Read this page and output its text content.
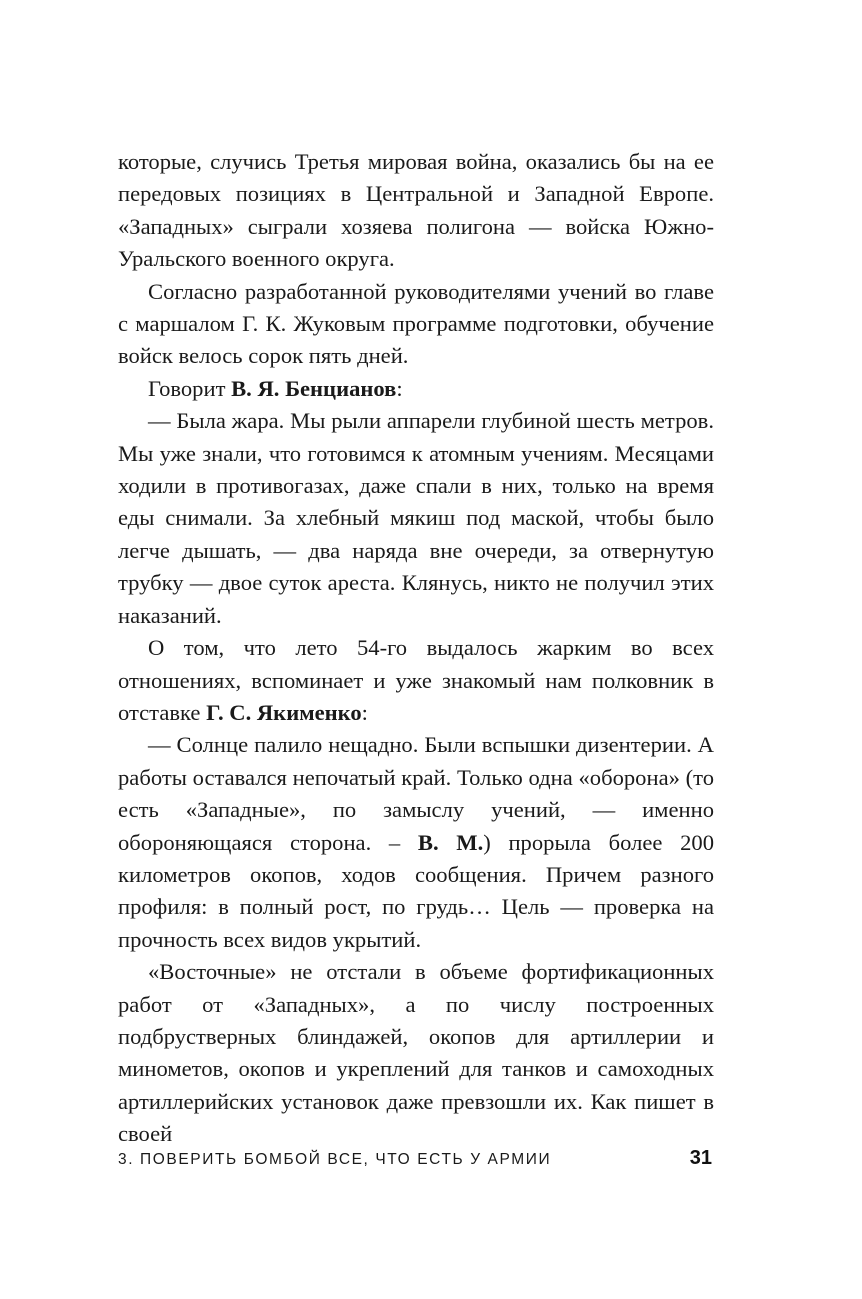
которые, случись Третья мировая война, оказались бы на ее передовых позициях в Центральной и Западной Европе. «Западных» сыграли хозяева полигона — войска Южно-Уральского военного округа.

Согласно разработанной руководителями учений во главе с маршалом Г. К. Жуковым программе подготовки, обучение войск велось сорок пять дней.

Говорит В. Я. Бенцианов:

— Была жара. Мы рыли аппарели глубиной шесть метров. Мы уже знали, что готовимся к атомным учениям. Месяцами ходили в противогазах, даже спали в них, только на время еды снимали. За хлебный мякиш под маской, чтобы было легче дышать, — два наряда вне очереди, за отвернутую трубку — двое суток ареста. Клянусь, никто не получил этих наказаний.

О том, что лето 54-го выдалось жарким во всех отношениях, вспоминает и уже знакомый нам полковник в отставке Г. С. Якименко:

— Солнце палило нещадно. Были вспышки дизентерии. А работы оставался непочатый край. Только одна «оборона» (то есть «Западные», по замыслу учений, — именно обороняющаяся сторона. – В. М.) прорыла более 200 километров окопов, ходов сообщения. Причем разного профиля: в полный рост, по грудь… Цель — проверка на прочность всех видов укрытий.

«Восточные» не отстали в объеме фортификационных работ от «Западных», а по числу построенных подбрустверных блиндажей, окопов для артиллерии и минометов, окопов и укреплений для танков и самоходных артиллерийских установок даже превзошли их. Как пишет в своей

3. ПОВЕРИТЬ БОМБОЙ ВСЕ, ЧТО ЕСТЬ У АРМИИ	31
